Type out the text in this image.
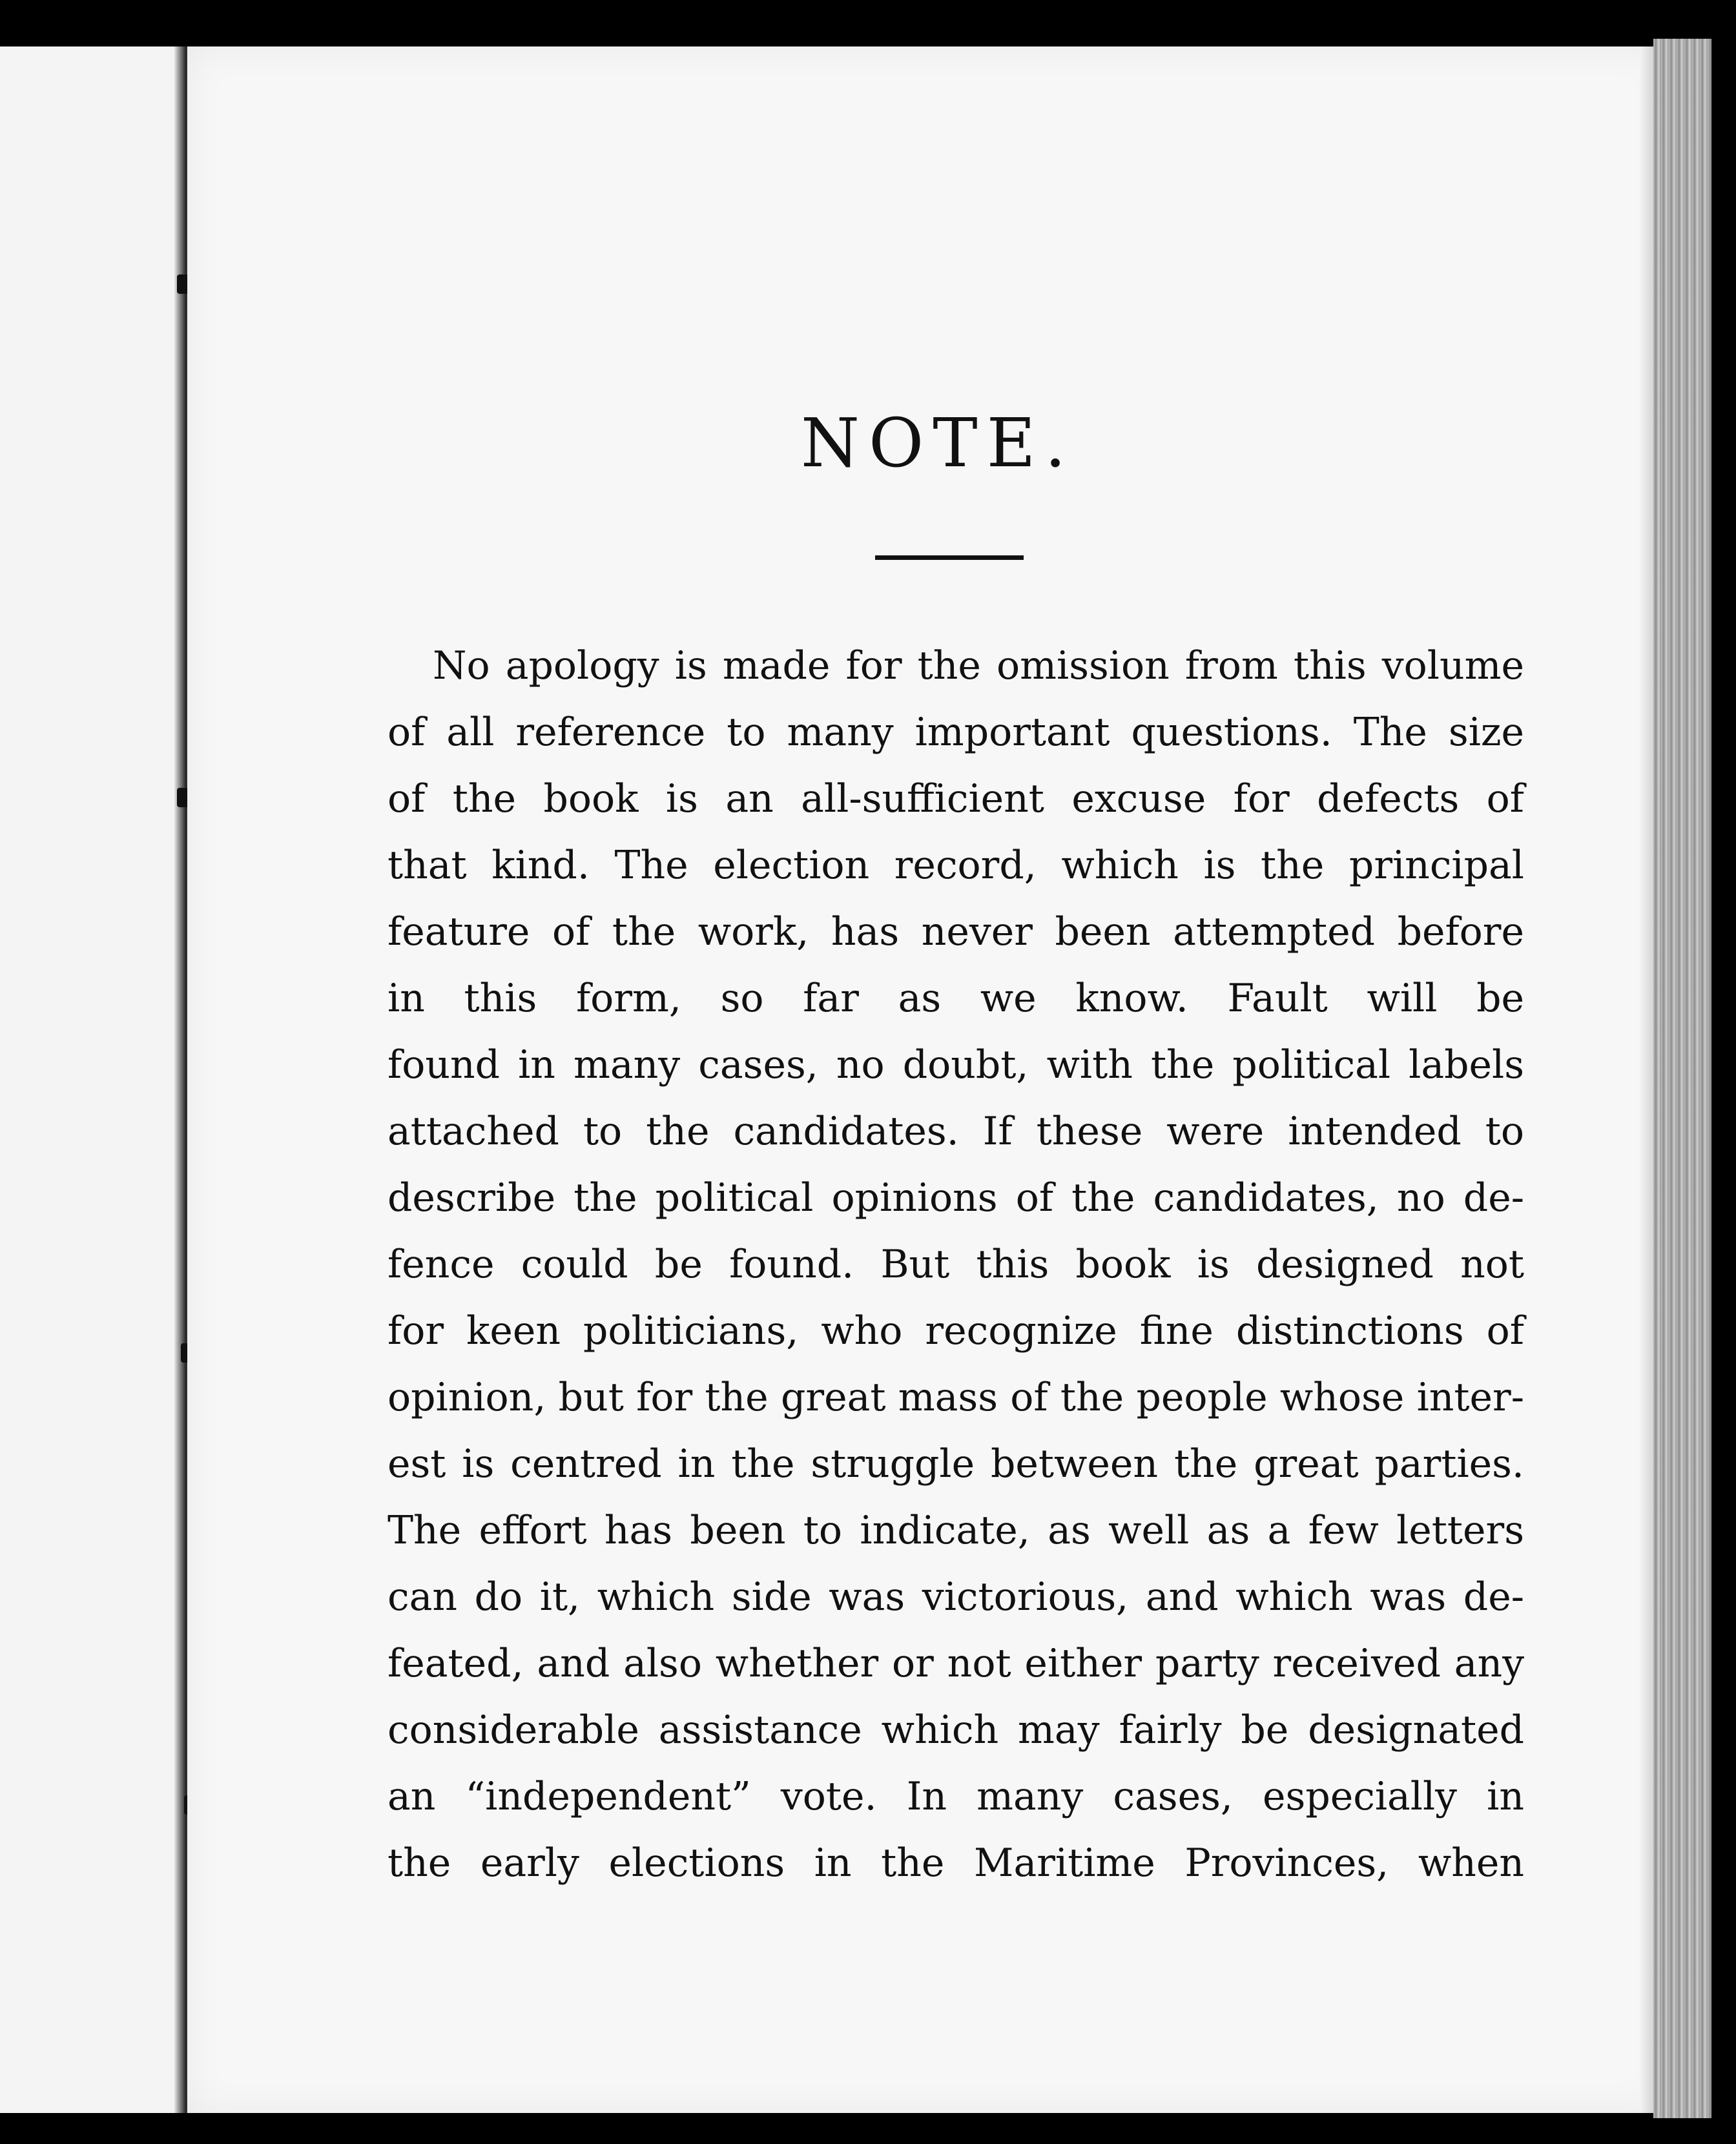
NOTE.
No apology is made for the omission from this volume
of all reference to many important questions. The size
of the book is an all-sufficient excuse for defects of
that kind. The election record, which is the principal
feature of the work, has never been attempted before
in this form, so far as we know. Fault will be
found in many cases, no doubt, with the political labels
attached to the candidates. If these were intended to
describe the political opinions of the candidates, no de-
fence could be found. But this book is designed not
for keen politicians, who recognize fine distinctions of
opinion, but for the great mass of the people whose inter-
est is centred in the struggle between the great parties.
The effort has been to indicate, as well as a few letters
can do it, which side was victorious, and which was de-
feated, and also whether or not either party received any
considerable assistance which may fairly be designated
an “independent” vote. In many cases, especially in
the early elections in the Maritime Provinces, when
